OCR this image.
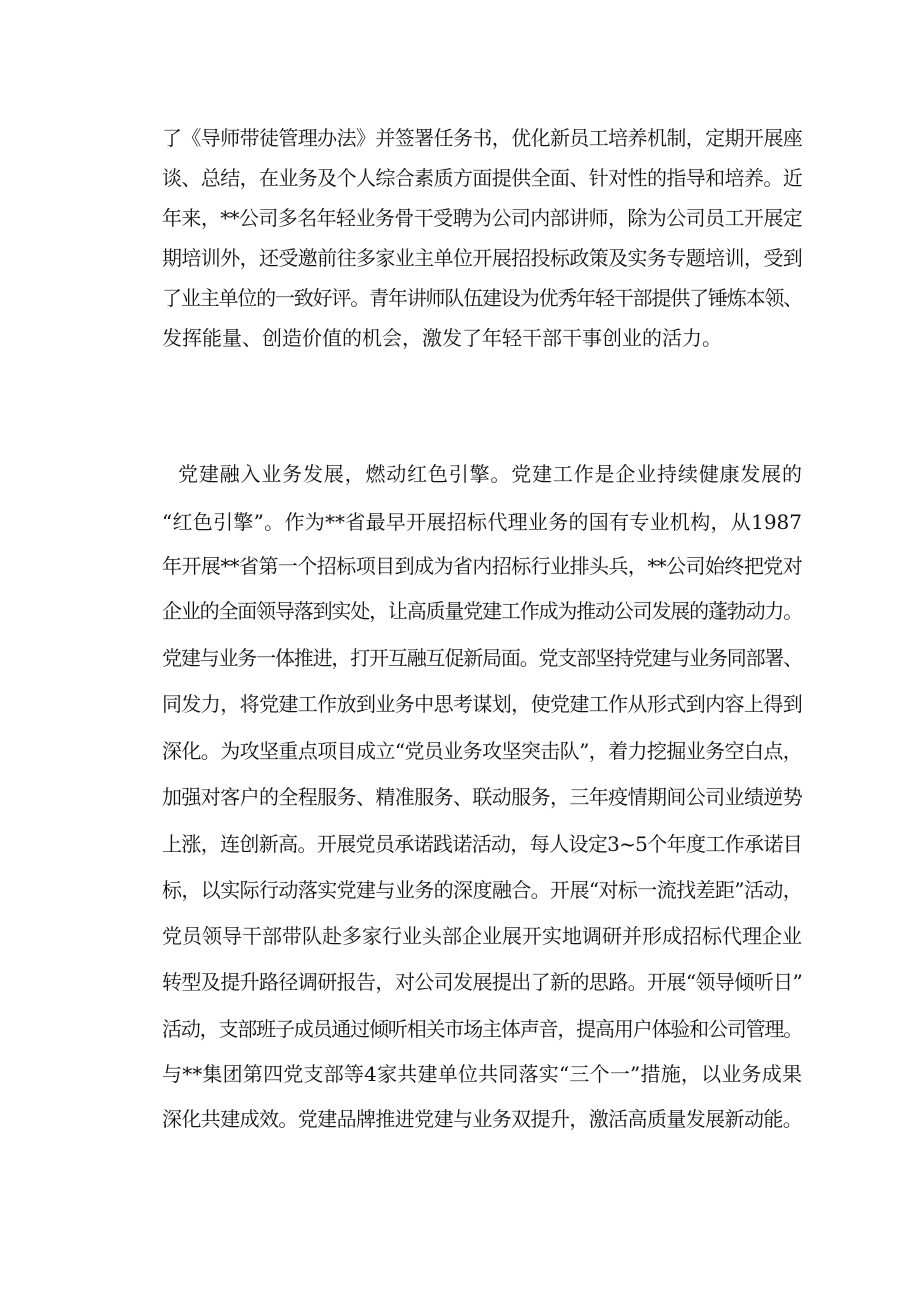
了《导师带徒管理办法》并签署任务书，优化新员工培养机制，定期开展座
谈、总结，在业务及个人综合素质方面提供全面、针对性的指导和培养。近
年来，**公司多名年轻业务骨干受聘为公司内部讲师，除为公司员工开展定
期培训外，还受邀前往多家业主单位开展招投标政策及实务专题培训，受到
了业主单位的一致好评。青年讲师队伍建设为优秀年轻干部提供了锤炼本领、
发挥能量、创造价值的机会，激发了年轻干部干事创业的活力。
党建融入业务发展，燃动红色引擎。党建工作是企业持续健康发展的
“红色引擎”。作为**省最早开展招标代理业务的国有专业机构，从1987
年开展**省第一个招标项目到成为省内招标行业排头兵，**公司始终把党对
企业的全面领导落到实处，让高质量党建工作成为推动公司发展的蓬勃动力。
党建与业务一体推进，打开互融互促新局面。党支部坚持党建与业务同部署、
同发力，将党建工作放到业务中思考谋划，使党建工作从形式到内容上得到
深化。为攻坚重点项目成立“党员业务攻坚突击队”，着力挖掘业务空白点，
加强对客户的全程服务、精准服务、联动服务，三年疫情期间公司业绩逆势
上涨，连创新高。开展党员承诺践诺活动，每人设定3~5个年度工作承诺目
标，以实际行动落实党建与业务的深度融合。开展“对标一流找差距”活动，
党员领导干部带队赴多家行业头部企业展开实地调研并形成招标代理企业
转型及提升路径调研报告，对公司发展提出了新的思路。开展“领导倾听日”
活动，支部班子成员通过倾听相关市场主体声音，提高用户体验和公司管理。
与**集团第四党支部等4家共建单位共同落实“三个一”措施，以业务成果
深化共建成效。党建品牌推进党建与业务双提升，激活高质量发展新动能。
